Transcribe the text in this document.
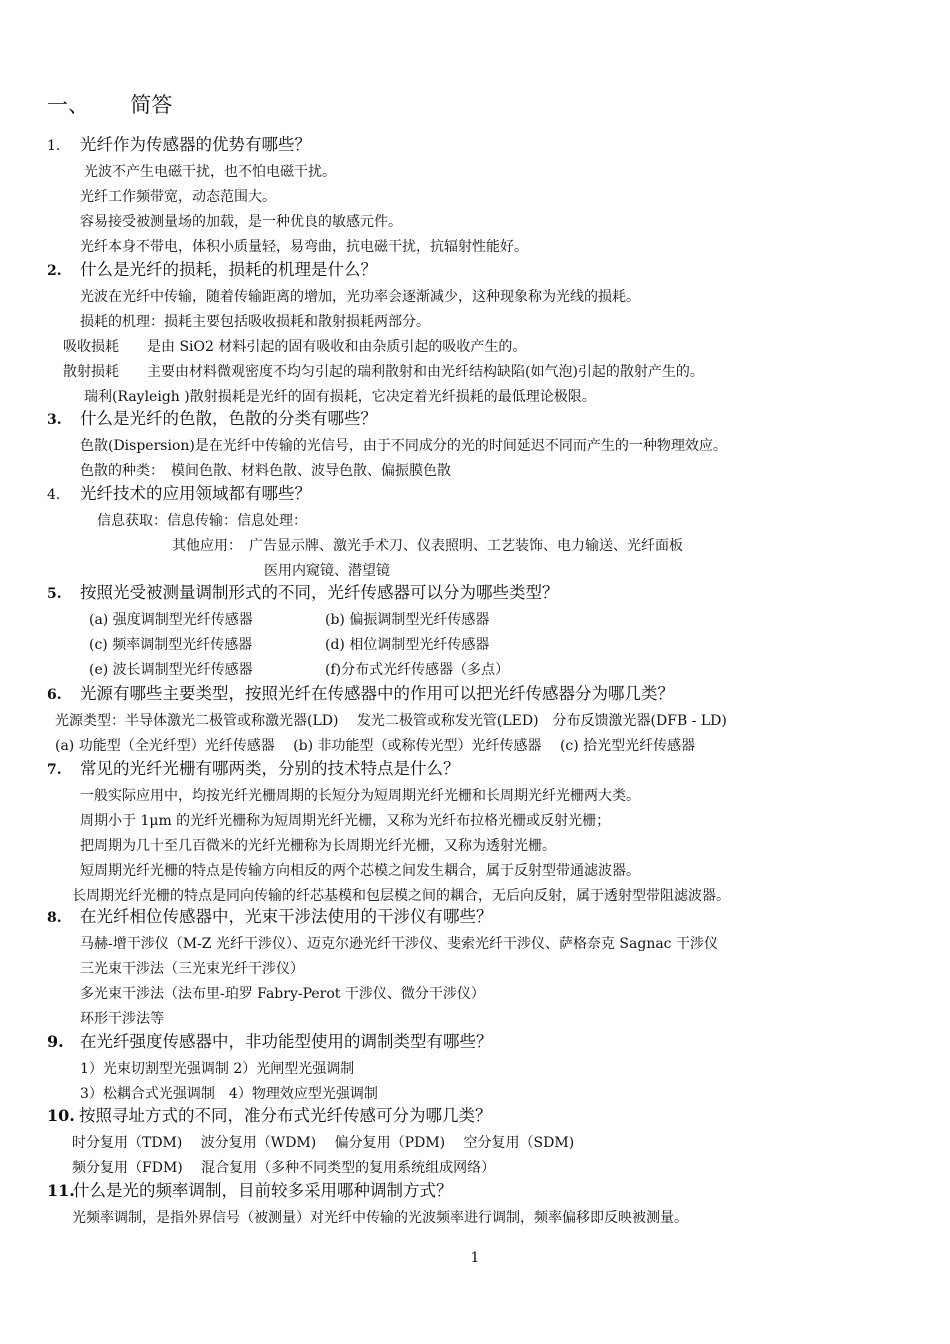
一、 简答
1. 光纤作为传感器的优势有哪些？
光波不产生电磁干扰，也不怕电磁干扰。
光纤工作频带宽，动态范围大。
容易接受被测量场的加载，是一种优良的敏感元件。
光纤本身不带电，体积小质量轻，易弯曲，抗电磁干扰，抗辐射性能好。
2. 什么是光纤的损耗，损耗的机理是什么？
光波在光纤中传输，随着传输距离的增加，光功率会逐渐减少，这种现象称为光线的损耗。
损耗的机理：损耗主要包括吸收损耗和散射损耗两部分。
吸收损耗　　是由 SiO2 材料引起的固有吸收和由杂质引起的吸收产生的。
散射损耗　　主要由材料微观密度不均匀引起的瑞利散射和由光纤结构缺陷(如气泡)引起的散射产生的。
瑞利(Rayleigh )散射损耗是光纤的固有损耗，它决定着光纤损耗的最低理论极限。
3. 什么是光纤的色散，色散的分类有哪些？
色散(Dispersion)是在光纤中传输的光信号，由于不同成分的光的时间延迟不同而产生的一种物理效应。
色散的种类：　模间色散、材料色散、波导色散、偏振膜色散
4. 光纤技术的应用领域都有哪些？
信息获取：信息传输：信息处理：
其他应用：　广告显示牌、激光手术刀、仪表照明、工艺装饰、电力输送、光纤面板
医用内窥镜、潜望镜
5. 按照光受被测量调制形式的不同，光纤传感器可以分为哪些类型？
(a) 强度调制型光纤传感器	(b) 偏振调制型光纤传感器
(c) 频率调制型光纤传感器	(d) 相位调制型光纤传感器
(e) 波长调制型光纤传感器	(f)分布式光纤传感器（多点）
6. 光源有哪些主要类型，按照光纤在传感器中的作用可以把光纤传感器分为哪几类？
光源类型：半导体激光二极管或称激光器(LD)　 发光二极管或称发光管(LED)　分布反馈激光器(DFB - LD)
(a) 功能型（全光纤型）光纤传感器　 (b) 非功能型（或称传光型）光纤传感器　 (c) 拾光型光纤传感器
7. 常见的光纤光栅有哪两类，分别的技术特点是什么？
一般实际应用中，均按光纤光栅周期的长短分为短周期光纤光栅和长周期光纤光栅两大类。
周期小于 1μm 的光纤光栅称为短周期光纤光栅，又称为光纤布拉格光栅或反射光栅；
把周期为几十至几百微米的光纤光栅称为长周期光纤光栅，又称为透射光栅。
短周期光纤光栅的特点是传输方向相反的两个芯模之间发生耦合，属于反射型带通滤波器。
长周期光纤光栅的特点是同向传输的纤芯基模和包层模之间的耦合，无后向反射，属于透射型带阻滤波器。
8. 在光纤相位传感器中，光束干涉法使用的干涉仪有哪些？
马赫-增干涉仪（M-Z 光纤干涉仪）、迈克尔逊光纤干涉仪、斐索光纤干涉仪、萨格奈克 Sagnac 干涉仪
三光束干涉法（三光束光纤干涉仪）
多光束干涉法（法布里-珀罗 Fabry-Perot 干涉仪、微分干涉仪）
环形干涉法等
9. 在光纤强度传感器中，非功能型使用的调制类型有哪些？
1）光束切割型光强调制 2）光闸型光强调制
3）松耦合式光强调制　4）物理效应型光强调制
10. 按照寻址方式的不同，准分布式光纤传感可分为哪几类？
时分复用（TDM)　 波分复用（WDM)　 偏分复用（PDM)　 空分复用（SDM)
频分复用（FDM)　 混合复用（多种不同类型的复用系统组成网络）
11.什么是光的频率调制，目前较多采用哪种调制方式？
光频率调制，是指外界信号（被测量）对光纤中传输的光波频率进行调制，频率偏移即反映被测量。
1
